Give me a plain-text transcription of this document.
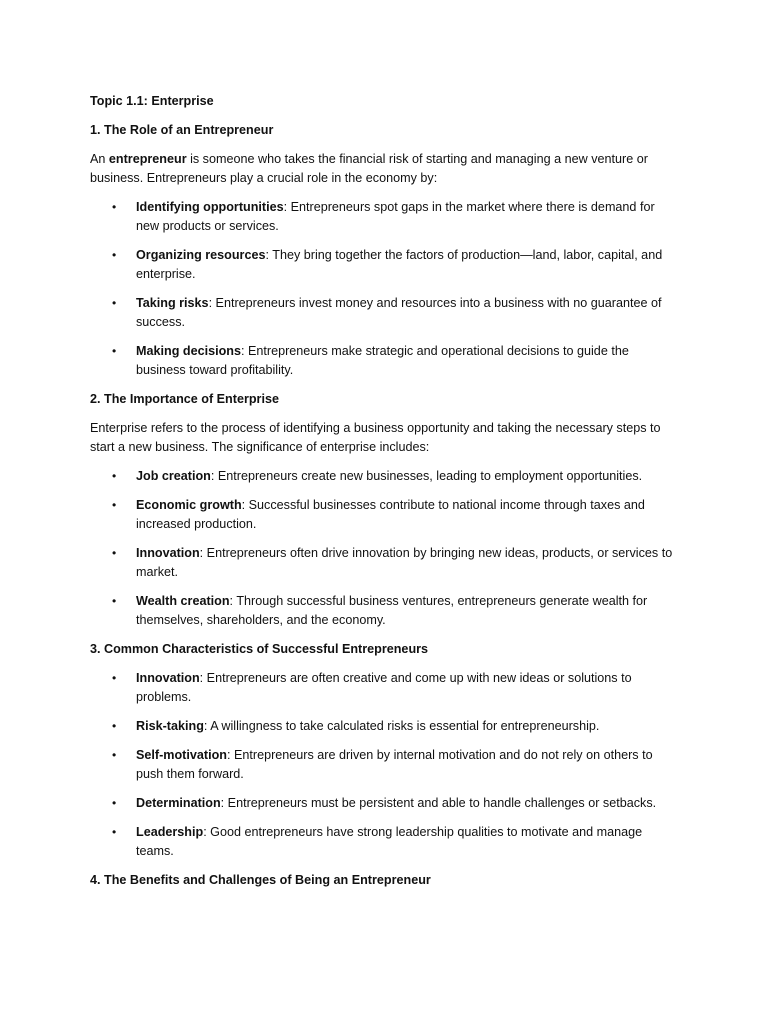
Topic 1.1: Enterprise
1. The Role of an Entrepreneur
An entrepreneur is someone who takes the financial risk of starting and managing a new venture or business. Entrepreneurs play a crucial role in the economy by:
• Identifying opportunities: Entrepreneurs spot gaps in the market where there is demand for new products or services.
• Organizing resources: They bring together the factors of production—land, labor, capital, and enterprise.
• Taking risks: Entrepreneurs invest money and resources into a business with no guarantee of success.
• Making decisions: Entrepreneurs make strategic and operational decisions to guide the business toward profitability.
2. The Importance of Enterprise
Enterprise refers to the process of identifying a business opportunity and taking the necessary steps to start a new business. The significance of enterprise includes:
• Job creation: Entrepreneurs create new businesses, leading to employment opportunities.
• Economic growth: Successful businesses contribute to national income through taxes and increased production.
• Innovation: Entrepreneurs often drive innovation by bringing new ideas, products, or services to market.
• Wealth creation: Through successful business ventures, entrepreneurs generate wealth for themselves, shareholders, and the economy.
3. Common Characteristics of Successful Entrepreneurs
• Innovation: Entrepreneurs are often creative and come up with new ideas or solutions to problems.
• Risk-taking: A willingness to take calculated risks is essential for entrepreneurship.
• Self-motivation: Entrepreneurs are driven by internal motivation and do not rely on others to push them forward.
• Determination: Entrepreneurs must be persistent and able to handle challenges or setbacks.
• Leadership: Good entrepreneurs have strong leadership qualities to motivate and manage teams.
4. The Benefits and Challenges of Being an Entrepreneur
